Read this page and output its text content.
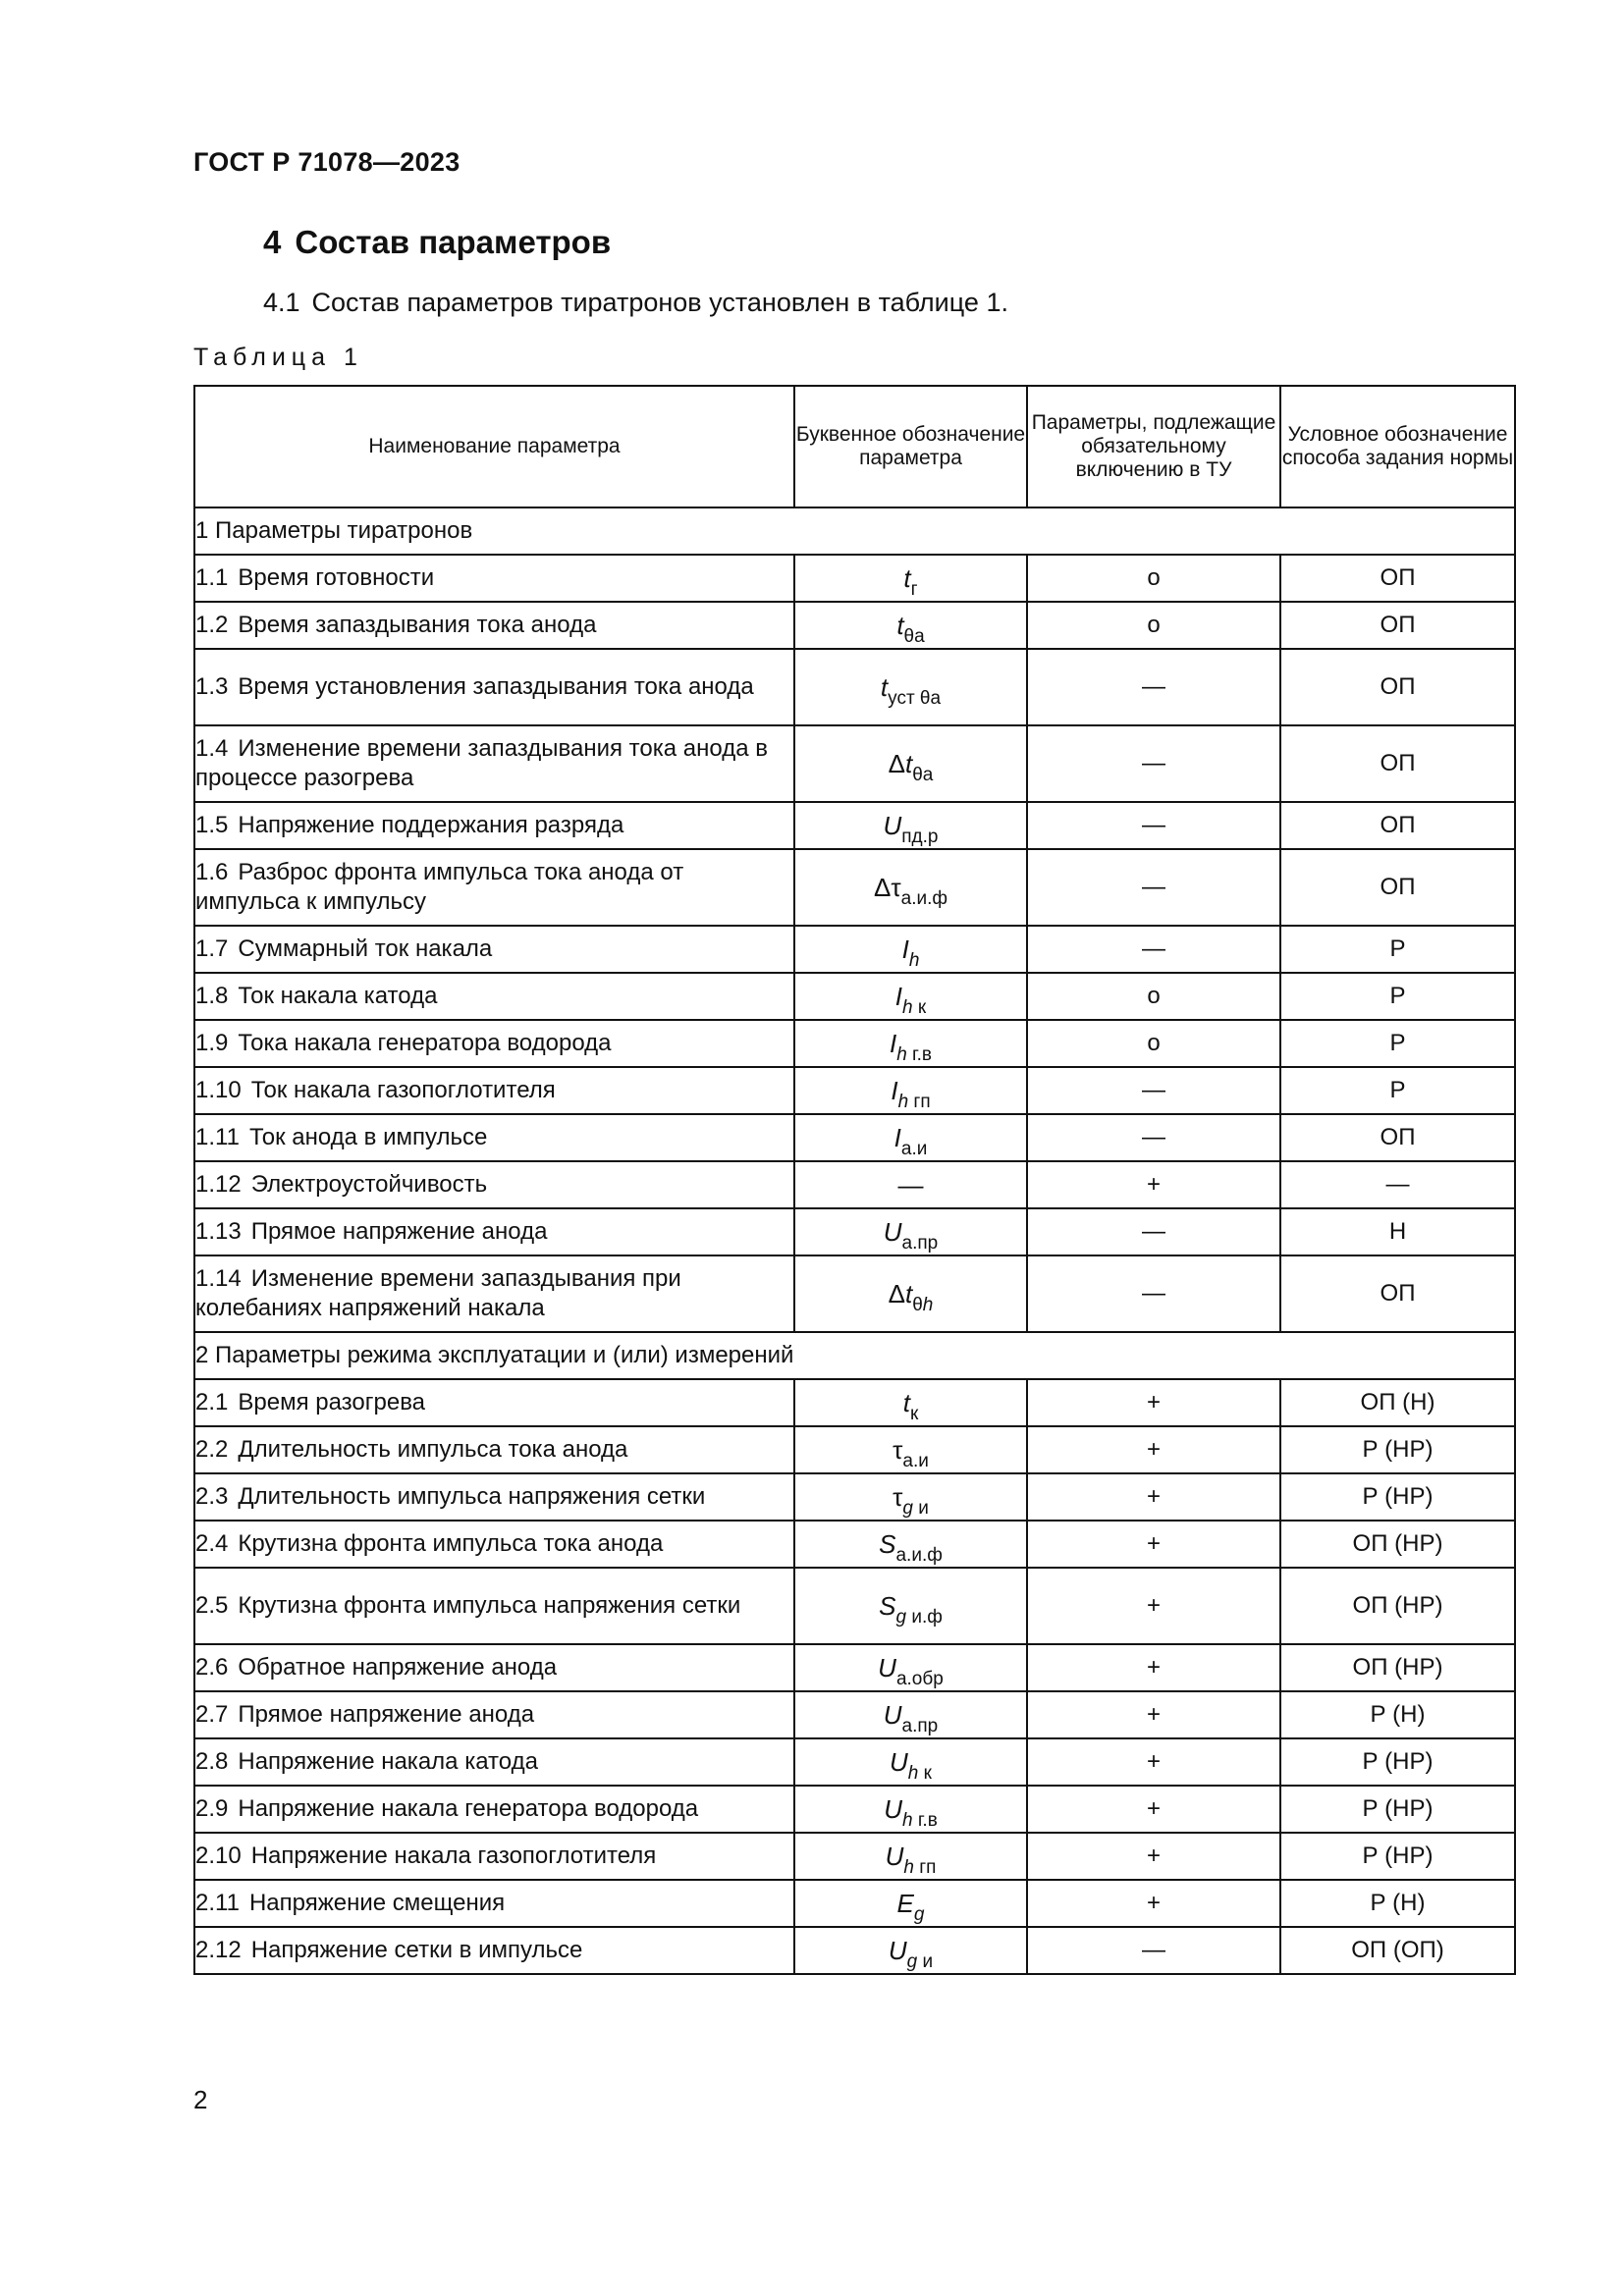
ГОСТ Р 71078—2023
4 Состав параметров
4.1 Состав параметров тиратронов установлен в таблице 1.
Таблица 1
Наименование параметра	Буквенное обозначение параметра	Параметры, подлежащие обязательному включению в ТУ	Условное обозначение способа задания нормы
1 Параметры тиратронов			
1.1 Время готовности	$t_г$	о	ОП
1.2 Время запаздывания тока анода	$t_{\theta а}$	о	ОП
1.3 Время установления запаздывания тока анода	$t_{уст \theta а}$	—	ОП
1.4 Изменение времени запаздывания тока анода в процессе разогрева	$\Delta t_{\theta а}$	—	ОП
1.5 Напряжение поддержания разряда	$U_{пд.р}$	—	ОП
1.6 Разброс фронта импульса тока анода от импульса к импульсу	$\Delta\tau_{а.и.ф}$	—	ОП
1.7 Суммарный ток накала	$I_h$	—	Р
1.8 Ток накала катода	$I_{h к}$	о	Р
1.9 Тока накала генератора водорода	$I_{h г.в}$	о	Р
1.10 Ток накала газопоглотителя	$I_{h гп}$	—	Р
1.11 Ток анода в импульсе	$I_{а.и}$	—	ОП
1.12 Электроустойчивость	—	+	—
1.13 Прямое напряжение анода	$U_{а.пр}$	—	Н
1.14 Изменение времени запаздывания при колебаниях напряжений накала	$\Delta t_{\theta h}$	—	ОП
2 Параметры режима эксплуатации и (или) измерений			
2.1 Время разогрева	$t_к$	+	ОП (Н)
2.2 Длительность импульса тока анода	$\tau_{а.и}$	+	Р (НР)
2.3 Длительность импульса напряжения сетки	$\tau_{g и}$	+	Р (НР)
2.4 Крутизна фронта импульса тока анода	$S_{а.и.ф}$	+	ОП (НР)
2.5 Крутизна фронта импульса напряжения сетки	$S_{g и.ф}$	+	ОП (НР)
2.6 Обратное напряжение анода	$U_{а.обр}$	+	ОП (НР)
2.7 Прямое напряжение анода	$U_{а.пр}$	+	Р (Н)
2.8 Напряжение накала катода	$U_{h к}$	+	Р (НР)
2.9 Напряжение накала генератора водорода	$U_{h г.в}$	+	Р (НР)
2.10 Напряжение накала газопоглотителя	$U_{h гп}$	+	Р (НР)
2.11 Напряжение смещения	$E_g$	+	Р (Н)
2.12 Напряжение сетки в импульсе	$U_{g и}$	—	ОП (ОП)
2
